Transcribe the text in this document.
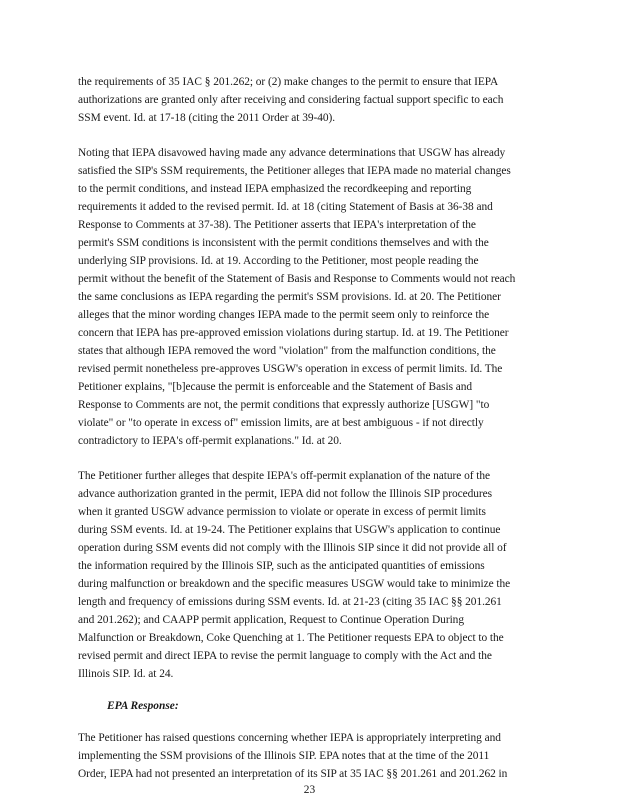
the requirements of 35 IAC § 201.262; or (2) make changes to the permit to ensure that IEPA
authorizations are granted only after receiving and considering factual support specific to each
SSM event. Id. at 17-18 (citing the 2011 Order at 39-40).
Noting that IEPA disavowed having made any advance determinations that USGW has already
satisfied the SIP's SSM requirements, the Petitioner alleges that IEPA made no material changes
to the permit conditions, and instead IEPA emphasized the recordkeeping and reporting
requirements it added to the revised permit. Id. at 18 (citing Statement of Basis at 36-38 and
Response to Comments at 37-38). The Petitioner asserts that IEPA's interpretation of the
permit's SSM conditions is inconsistent with the permit conditions themselves and with the
underlying SIP provisions. Id. at 19. According to the Petitioner, most people reading the
permit without the benefit of the Statement of Basis and Response to Comments would not reach
the same conclusions as IEPA regarding the permit's SSM provisions. Id. at 20. The Petitioner
alleges that the minor wording changes IEPA made to the permit seem only to reinforce the
concern that IEPA has pre-approved emission violations during startup. Id. at 19. The Petitioner
states that although IEPA removed the word "violation" from the malfunction conditions, the
revised permit nonetheless pre-approves USGW's operation in excess of permit limits. Id. The
Petitioner explains, "[b]ecause the permit is enforceable and the Statement of Basis and
Response to Comments are not, the permit conditions that expressly authorize [USGW] "to
violate" or "to operate in excess of" emission limits, are at best ambiguous - if not directly
contradictory to IEPA's off-permit explanations." Id. at 20.
The Petitioner further alleges that despite IEPA's off-permit explanation of the nature of the
advance authorization granted in the permit, IEPA did not follow the Illinois SIP procedures
when it granted USGW advance permission to violate or operate in excess of permit limits
during SSM events. Id. at 19-24. The Petitioner explains that USGW's application to continue
operation during SSM events did not comply with the Illinois SIP since it did not provide all of
the information required by the Illinois SIP, such as the anticipated quantities of emissions
during malfunction or breakdown and the specific measures USGW would take to minimize the
length and frequency of emissions during SSM events. Id. at 21-23 (citing 35 IAC §§ 201.261
and 201.262); and CAAPP permit application, Request to Continue Operation During
Malfunction or Breakdown, Coke Quenching at 1. The Petitioner requests EPA to object to the
revised permit and direct IEPA to revise the permit language to comply with the Act and the
Illinois SIP. Id. at 24.
EPA Response:
The Petitioner has raised questions concerning whether IEPA is appropriately interpreting and
implementing the SSM provisions of the Illinois SIP. EPA notes that at the time of the 2011
Order, IEPA had not presented an interpretation of its SIP at 35 IAC §§ 201.261 and 201.262 in
23
